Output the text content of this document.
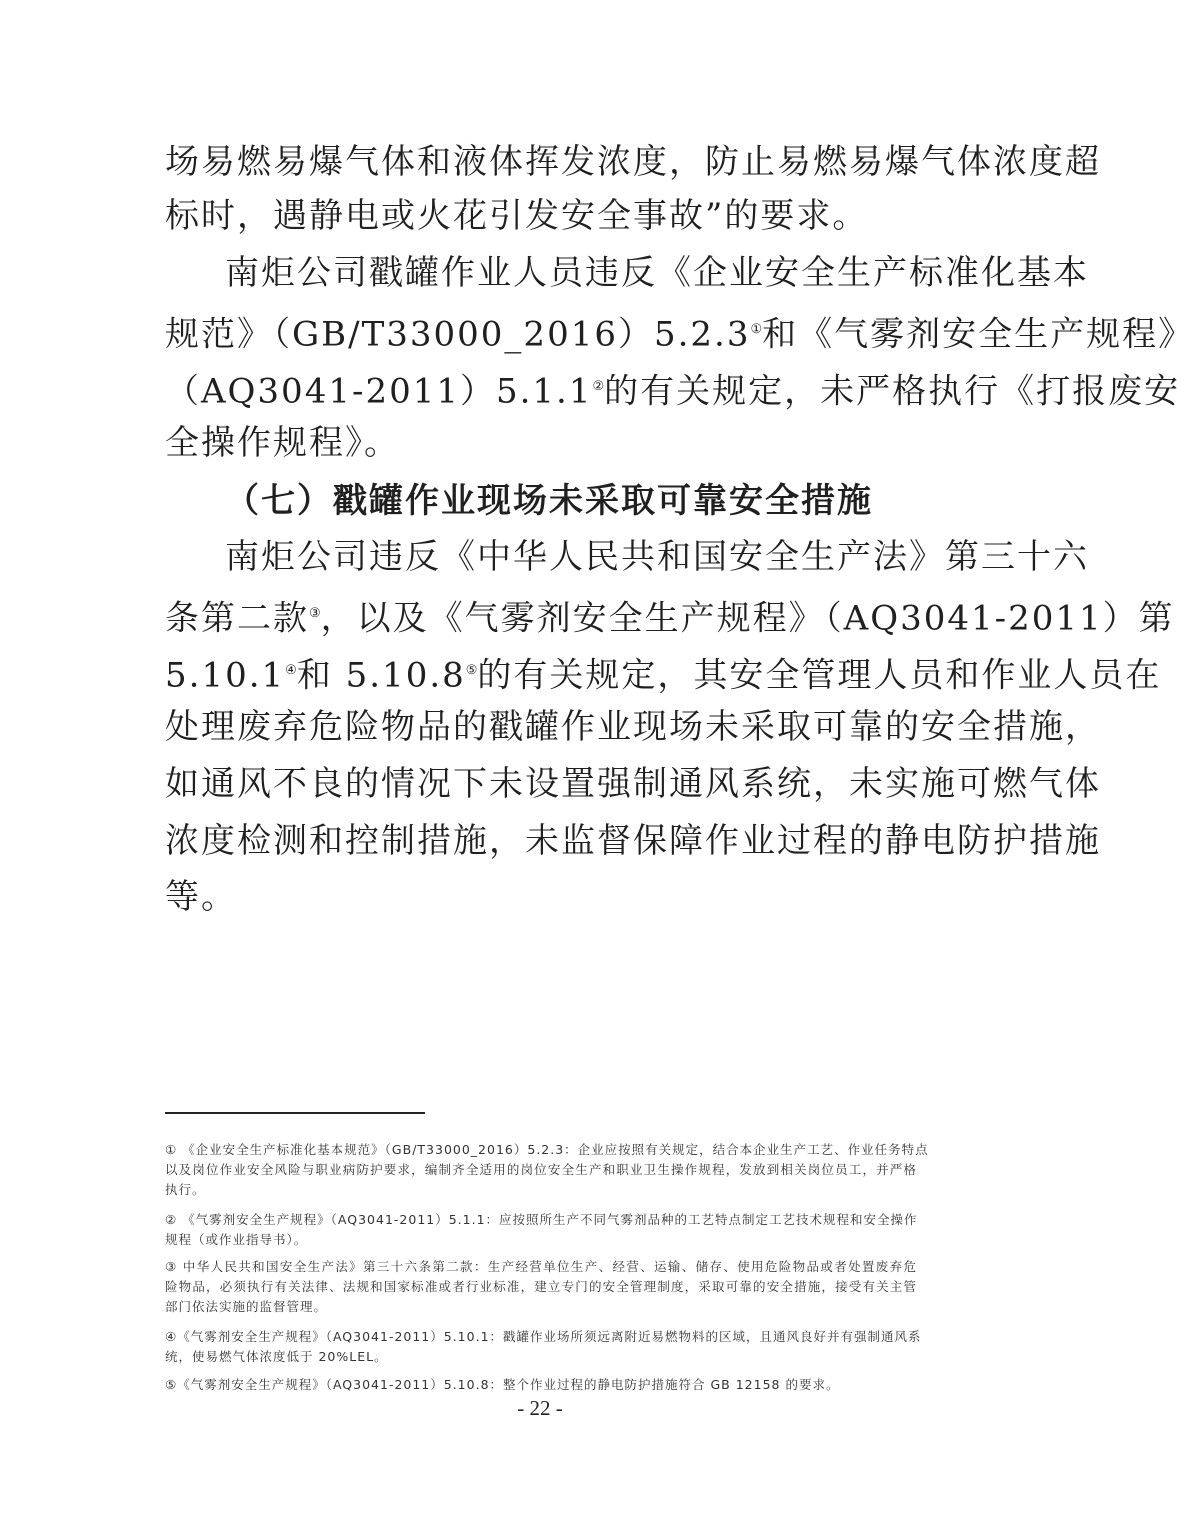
场易燃易爆气体和液体挥发浓度，防止易燃易爆气体浓度超
标时，遇静电或火花引发安全事故”的要求。
南炬公司戳罐作业人员违反《企业安全生产标准化基本
规范》（GB/T33000_2016）5.2.3①和《气雾剂安全生产规程》
（AQ3041-2011）5.1.1②的有关规定，未严格执行《打报废安
全操作规程》。
（七）戳罐作业现场未采取可靠安全措施
南炬公司违反《中华人民共和国安全生产法》第三十六
条第二款③，以及《气雾剂安全生产规程》（AQ3041-2011）第
5.10.1④和 5.10.8⑤的有关规定，其安全管理人员和作业人员在
处理废弃危险物品的戳罐作业现场未采取可靠的安全措施，
如通风不良的情况下未设置强制通风系统，未实施可燃气体
浓度检测和控制措施，未监督保障作业过程的静电防护措施
等。
① 《企业安全生产标准化基本规范》（GB/T33000_2016）5.2.3：企业应按照有关规定，结合本企业生产工艺、作业任务特点
以及岗位作业安全风险与职业病防护要求，编制齐全适用的岗位安全生产和职业卫生操作规程，发放到相关岗位员工，并严格
执行。
② 《气雾剂安全生产规程》（AQ3041-2011）5.1.1：应按照所生产不同气雾剂品种的工艺特点制定工艺技术规程和安全操作
规程（或作业指导书）。
③ 中华人民共和国安全生产法》第三十六条第二款：生产经营单位生产、经营、运输、储存、使用危险物品或者处置废弃危
险物品，必须执行有关法律、法规和国家标准或者行业标准，建立专门的安全管理制度，采取可靠的安全措施，接受有关主管
部门依法实施的监督管理。
④《气雾剂安全生产规程》（AQ3041-2011）5.10.1：戳罐作业场所须远离附近易燃物料的区域，且通风良好并有强制通风系
统，使易燃气体浓度低于 20%LEL。
⑤《气雾剂安全生产规程》（AQ3041-2011）5.10.8：整个作业过程的静电防护措施符合 GB 12158 的要求。
- 22 -
